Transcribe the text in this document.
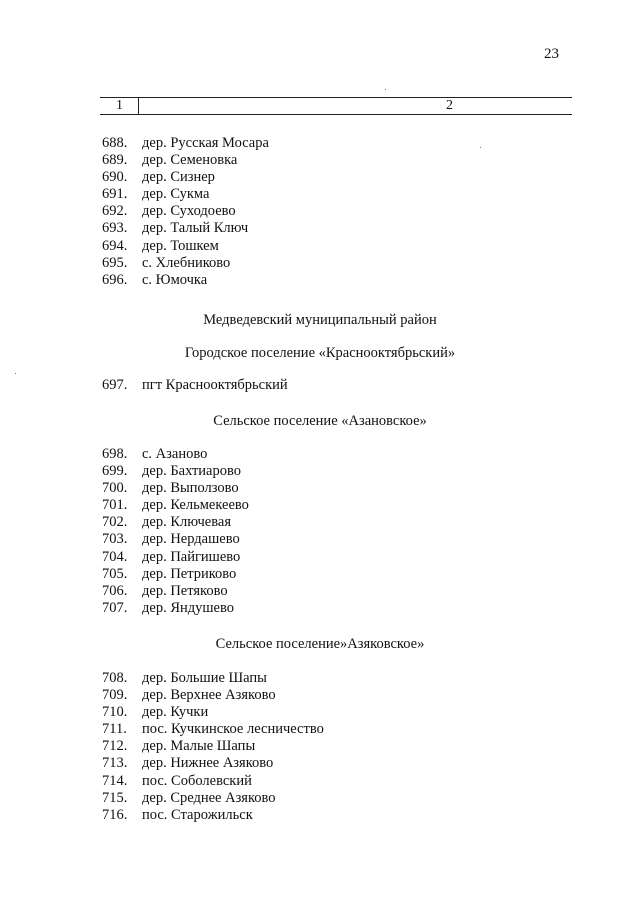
23
1	2
688. дер. Русская Мосара
689. дер. Семеновка
690. дер. Сизнер
691. дер. Сукма
692. дер. Суходоево
693. дер. Талый Ключ
694. дер. Тошкем
695. с. Хлебниково
696. с. Юмочка
Медведевский муниципальный район
Городское поселение «Краснооктябрьский»
697. пгт Краснооктябрьский
Сельское поселение «Азановское»
698. с. Азаново
699. дер. Бахтиарово
700. дер. Выползово
701. дер. Кельмекеево
702. дер. Ключевая
703. дер. Нердашево
704. дер. Пайгишево
705. дер. Петриково
706. дер. Петяково
707. дер. Яндушево
Сельское поселение»Азяковское»
708. дер. Большие Шапы
709. дер. Верхнее Азяково
710. дер. Кучки
711. пос. Кучкинское лесничество
712. дер. Малые Шапы
713. дер. Нижнее Азяково
714. пос. Соболевский
715. дер. Среднее Азяково
716. пос. Старожильск
